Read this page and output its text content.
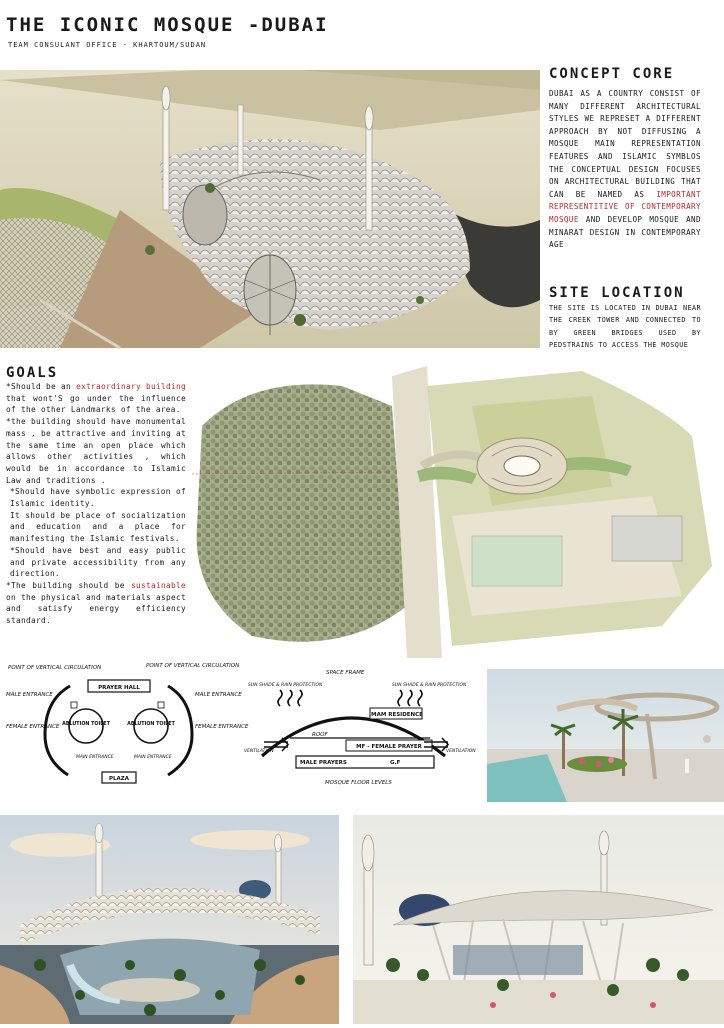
THE ICONIC MOSQUE -DUBAI
TEAM CONSULANT OFFICE - KHARTOUM/SUDAN
CONCEPT CORE
DUBAI AS A COUNTRY CONSIST OF MANY DIFFERENT ARCHITECTURAL STYLES WE REPRESET A DIFFERENT APPROACH BY NOT DIFFUSING A MOSQUE MAIN REPRESENTATION FEATURES AND ISLAMIC SYMBLOS THE CONCEPTUAL DESIGN FOCUSES ON ARCHITECTURAL BUILDING THAT CAN BE NAMED AS IMPORTANT REPRESENTITIVE OF CONTEMPORARY MOSQUE AND DEVELOP MOSQUE AND MINARAT DESIGN IN CONTEMPORARY AGE
SITE LOCATION
THE SITE IS LOCATED IN DUBAI NEAR THE CREEK TOWER AND CONNECTED TO BY GREEN BRIDGES USED BY PEDSTRAINS TO ACCESS THE MOSQUE
GOALS
*Should be an extraordinary building that wont'S go under the influence of the other Landmarks of the area.
*the building should have monumental mass , be attractive and inviting at the same time an open place which allows other activities , which would be in accordance to Islamic Law and traditions .
*Should have symbolic expression of Islamic identity.
It should be place of socialization and education and a place for manifesting the Islamic festivals.
*Should have best and easy public and private accessibility from any direction.
*The building should be sustainable on the physical and materials aspect and satisfy energy efficiency standard.
POINT OF VERTICAL CIRCULATION	POINT OF VERTICAL CIRCULATION
PRAYER HALL
MALE ENTRANCE
FEMALE ENTRANCE
MALE ENTRANCE
FEMALE ENTRANCE
ABLUTION TOILET	ABLUTION TOILET
MAIN ENTRANCE	MAIN ENTRANCE
PLAZA
SUN SHADE & RAIN PROTECTION	SUN SHADE & RAIN PROTECTION
SPACE FRAME
IMAM RESIDENCE
ROOF
MF - FEMALE PRAYER
VENTILATION	VENTILATION
MALE PRAYERS	G.F
MOSQUE FLOOR LEVELS
